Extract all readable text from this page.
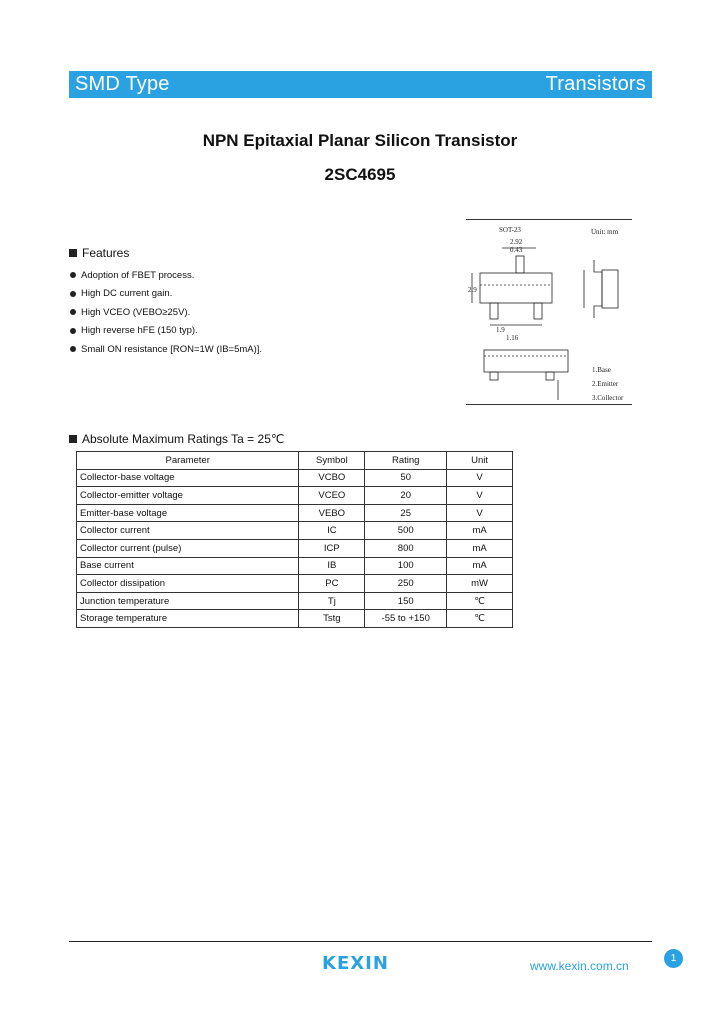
SMD Type	Transistors
NPN Epitaxial Planar Silicon Transistor
2SC4695
SOT-23	Unit: mm
2.92
0.43
2.9
1.9
1.16
1.Base
2.Emitter
3.Collector
Features
Adoption of FBET process.
High DC current gain.
High VCEO (VEBO≥25V).
High reverse hFE (150 typ).
Small ON resistance [RON=1W (IB=5mA)].
Absolute Maximum Ratings Ta = 25℃
Parameter	Symbol	Rating	Unit
Collector-base voltage	VCBO	50	V
Collector-emitter voltage	VCEO	20	V
Emitter-base voltage	VEBO	25	V
Collector current	IC	500	mA
Collector current (pulse)	ICP	800	mA
Base current	IB	100	mA
Collector dissipation	PC	250	mW
Junction temperature	Tj	150	℃
Storage temperature	Tstg	-55 to +150	℃
KEXIN	www.kexin.com.cn
1
